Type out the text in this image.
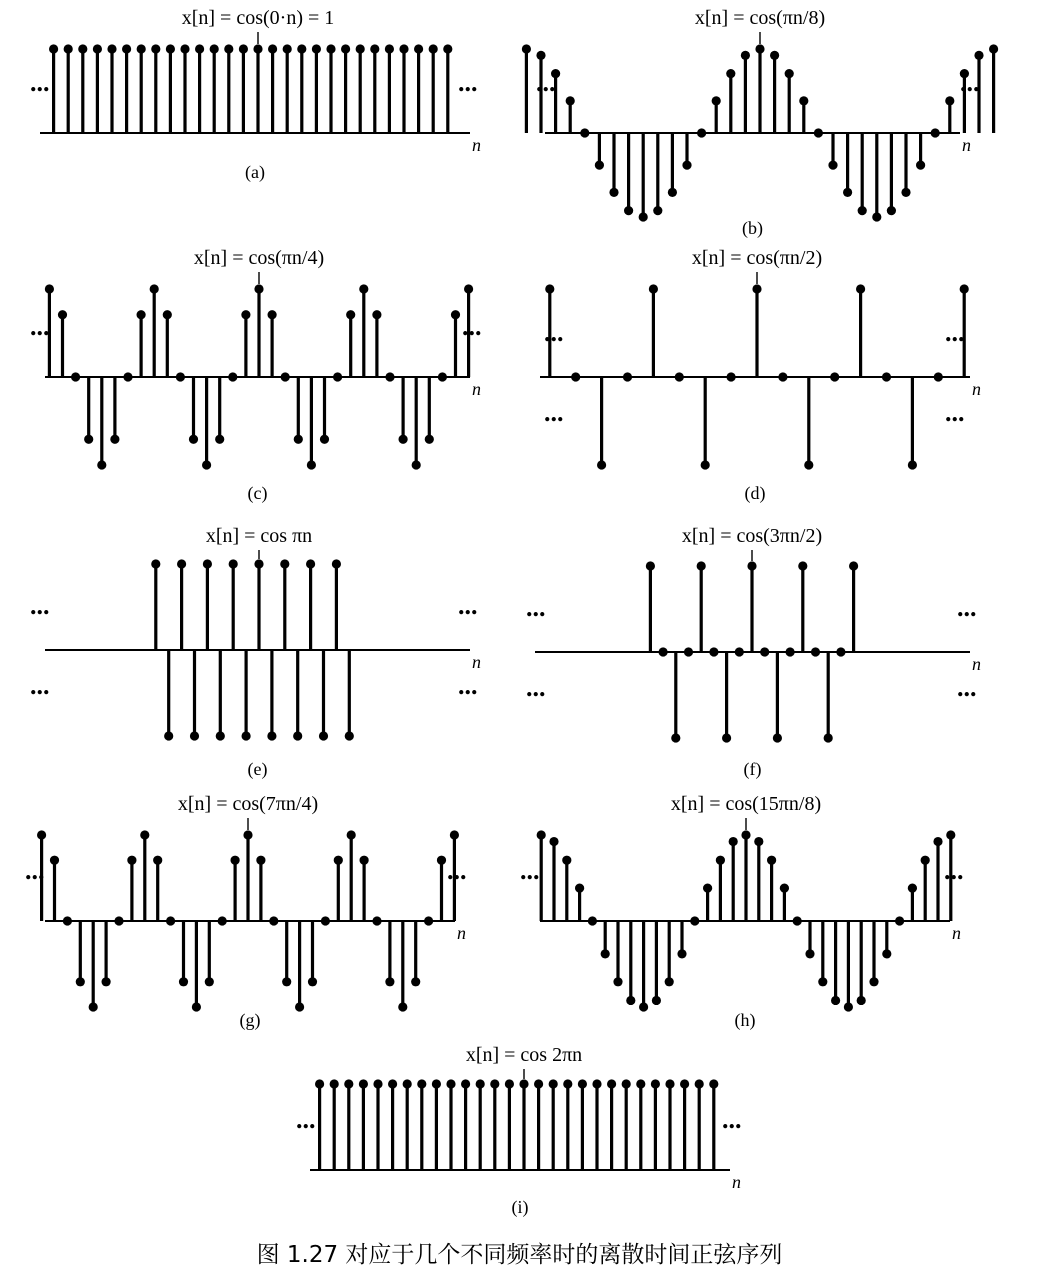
x[n] = cos(0·n) = 1
n
...	...
(a)
x[n] = cos(πn/8)
n
...	...
(b)
x[n] = cos(πn/4)
n
...	...
(c)
x[n] = cos(πn/2)
n
...	...
...	...
(d)
x[n] = cos πn
n
...	...
...	...
(e)
x[n] = cos(3πn/2)
n
...	...
...	...
(f)
x[n] = cos(7πn/4)
n
...	...
(g)
x[n] = cos(15πn/8)
n
...	...
(h)
x[n] = cos 2πn
n
...	...
(i)
图 1.27 对应于几个不同频率时的离散时间正弦序列
